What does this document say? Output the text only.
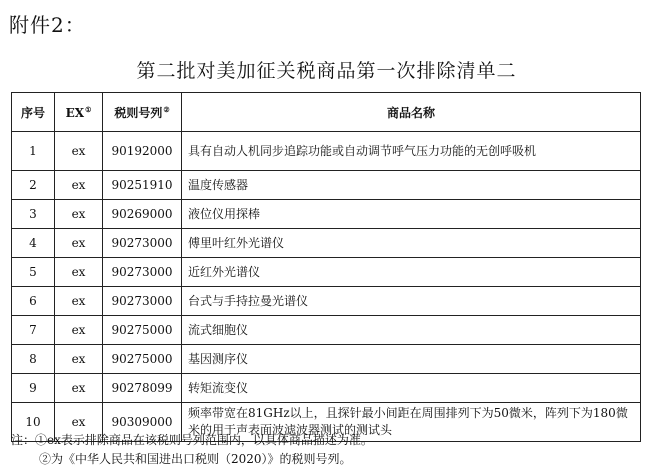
附件2：
第二批对美加征关税商品第一次排除清单二
序号	EX①	税则号列②	商品名称
1	ex	90192000	具有自动人机同步追踪功能或自动调节呼气压力功能的无创呼吸机
2	ex	90251910	温度传感器
3	ex	90269000	液位仪用探棒
4	ex	90273000	傅里叶红外光谱仪
5	ex	90273000	近红外光谱仪
6	ex	90273000	台式与手持拉曼光谱仪
7	ex	90275000	流式细胞仪
8	ex	90275000	基因测序仪
9	ex	90278099	转矩流变仪
10	ex	90309000	频率带宽在81GHz以上，且探针最小间距在周围排列下为50微米，阵列下为180微米的用于声表面波滤波器测试的测试头
注：①ex表示排除商品在该税则号列范围内，以具体商品描述为准。
②为《中华人民共和国进出口税则（2020）》的税则号列。
